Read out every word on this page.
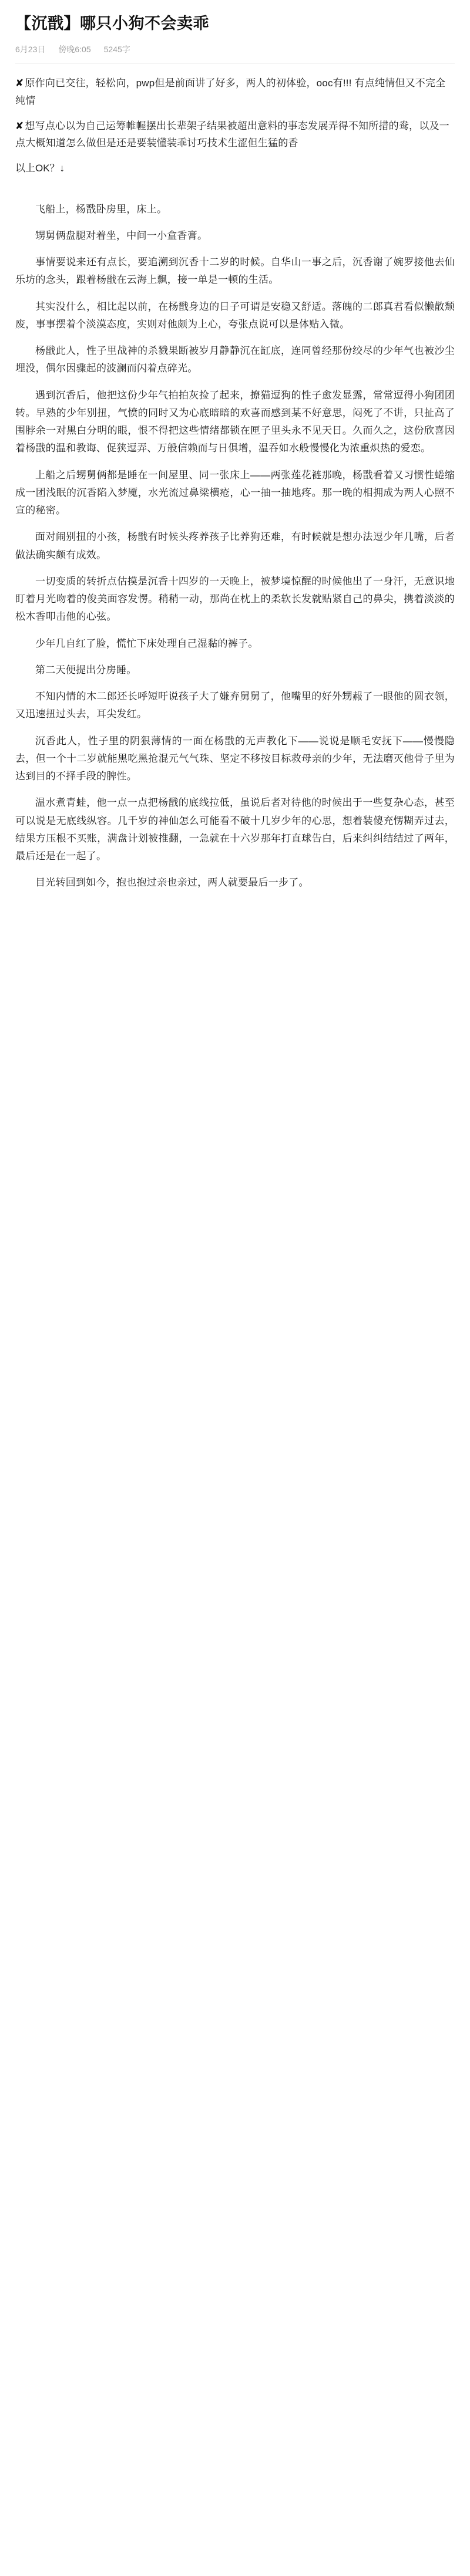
【沉戬】哪只小狗不会卖乖
6月23日 傍晚6:05 5245字
✘ 原作向已交往，轻松向，pwp但是前面讲了好多，两人的初体验，ooc有!!! 有点纯情但又不完全纯情
✘ 想写点心以为自己运筹帷幄摆出长辈架子结果被超出意料的事态发展弄得不知所措的鸯，以及一点大概知道怎么做但是还是要装懂装乖讨巧技术生涩但生猛的香
以上OK？↓

飞船上，杨戬卧房里，床上。

甥舅俩盘腿对着坐，中间一小盒香膏。

事情要说来还有点长，要追溯到沉香十二岁的时候。自华山一事之后，沉香谢了婉罗接他去仙乐坊的念头，跟着杨戬在云海上飘，接一单是一顿的生活。

其实没什么，相比起以前，在杨戬身边的日子可谓是安稳又舒适。落魄的二郎真君看似懒散颓废，事事摆着个淡漠态度，实则对他颇为上心，夸张点说可以是体贴入微。

杨戬此人，性子里战神的杀戮果断被岁月静静沉在缸底，连同曾经那份绞尽的少年气也被沙尘埋没，偶尔因骤起的波澜而闪着点碎光。

遇到沉香后，他把这份少年气拍拍灰捡了起来，撩猫逗狗的性子愈发显露，常常逗得小狗团团转。早熟的少年别扭，气愤的同时又为心底暗暗的欢喜而感到某不好意思，闷死了不讲，只扯高了围脖余一对黑白分明的眼，恨不得把这些情绪都锁在匣子里头永不见天日。久而久之，这份欣喜因着杨戬的温和教诲、促狭逗弄、万般信赖而与日俱增，温吞如水般慢慢化为浓重炽热的爱恋。

上船之后甥舅俩都是睡在一间屋里、同一张床上——两张莲花裢那晚，杨戬看着又习惯性蜷缩成一团浅眠的沉香陷入梦魇，水光流过鼻梁横疮，心一抽一抽地疼。那一晚的相拥成为两人心照不宣的秘密。

面对闹别扭的小孩，杨戬有时候头疼养孩子比养狗还难，有时候就是想办法逗少年几嘴，后者做法确实颇有成效。

一切变质的转折点估摸是沉香十四岁的一天晚上，被梦境惊醒的时候他出了一身汗，无意识地盯着月光吻着的俊美面容发愣。稍稍一动，那尚在枕上的柔软长发就贴紧自己的鼻尖，携着淡淡的松木香叩击他的心弦。

少年几自红了脸，慌忙下床处理自己湿黏的裤子。

第二天便提出分房睡。

不知内情的木二郎还长呼短吁说孩子大了嫌弃舅舅了，他嘴里的好外甥赧了一眼他的圆衣领，又迅速扭过头去，耳尖发红。

沉香此人，性子里的阴狠薄情的一面在杨戬的无声教化下——说说是顺毛安抚下——慢慢隐去，但一个十二岁就能黑吃黑抢混元气气珠、坚定不移按目标救母亲的少年，无法磨灭他骨子里为达到目的不择手段的脾性。

温水煮青蛙，他一点一点把杨戬的底线拉低，虽说后者对待他的时候出于一些复杂心态，甚至可以说是无底线纵容。几千岁的神仙怎么可能看不破十几岁少年的心思，想着装傻充愣糊弄过去，结果方压根不买账，满盘计划被推翻，一急就在十六岁那年打直球告白，后来纠纠结结过了两年，最后还是在一起了。

目光转回到如今，抱也抱过亲也亲过，两人就要最后一步了。
